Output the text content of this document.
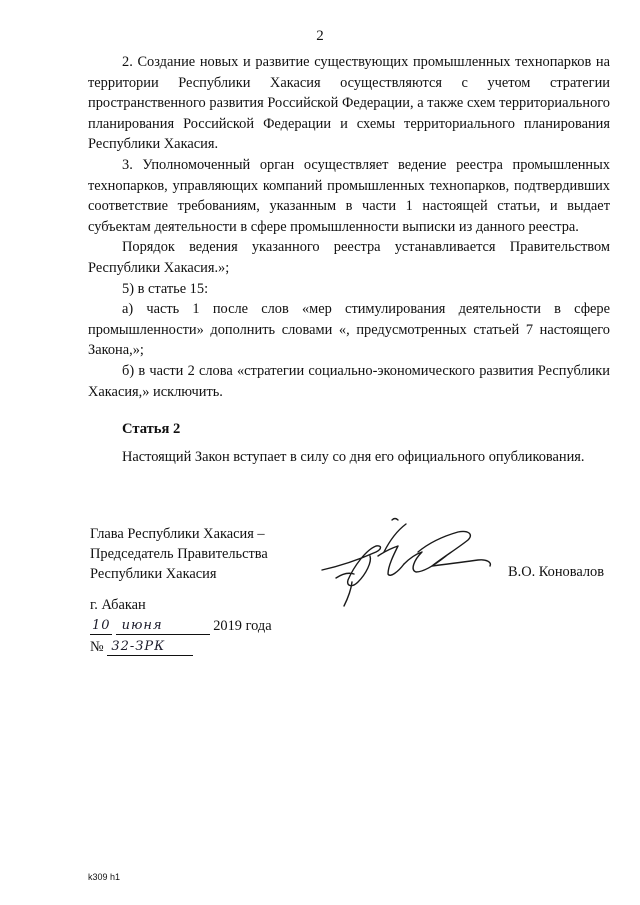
2

2. Создание новых и развитие существующих промышленных технопарков на территории Республики Хакасия осуществляются с учетом стратегии пространственного развития Российской Федерации, а также схем территориального планирования Российской Федерации и схемы территориального планирования Республики Хакасия.

3. Уполномоченный орган осуществляет ведение реестра промышленных технопарков, управляющих компаний промышленных технопарков, подтвердивших соответствие требованиям, указанным в части 1 настоящей статьи, и выдает субъектам деятельности в сфере промышленности выписки из данного реестра.

Порядок ведения указанного реестра устанавливается Правительством Республики Хакасия.»;

5) в статье 15:

а) часть 1 после слов «мер стимулирования деятельности в сфере промышленности» дополнить словами «, предусмотренных статьей 7 настоящего Закона,»;

б) в части 2 слова «стратегии социально-экономического развития Республики Хакасия,» исключить.

Статья 2

Настоящий Закон вступает в силу со дня его официального опубликования.

Глава Республики Хакасия –
Председатель Правительства
Республики Хакасия	В.О. Коновалов
г. Абакан
10 июня	2019 года
№ 32-ЗРК
k309 h1
